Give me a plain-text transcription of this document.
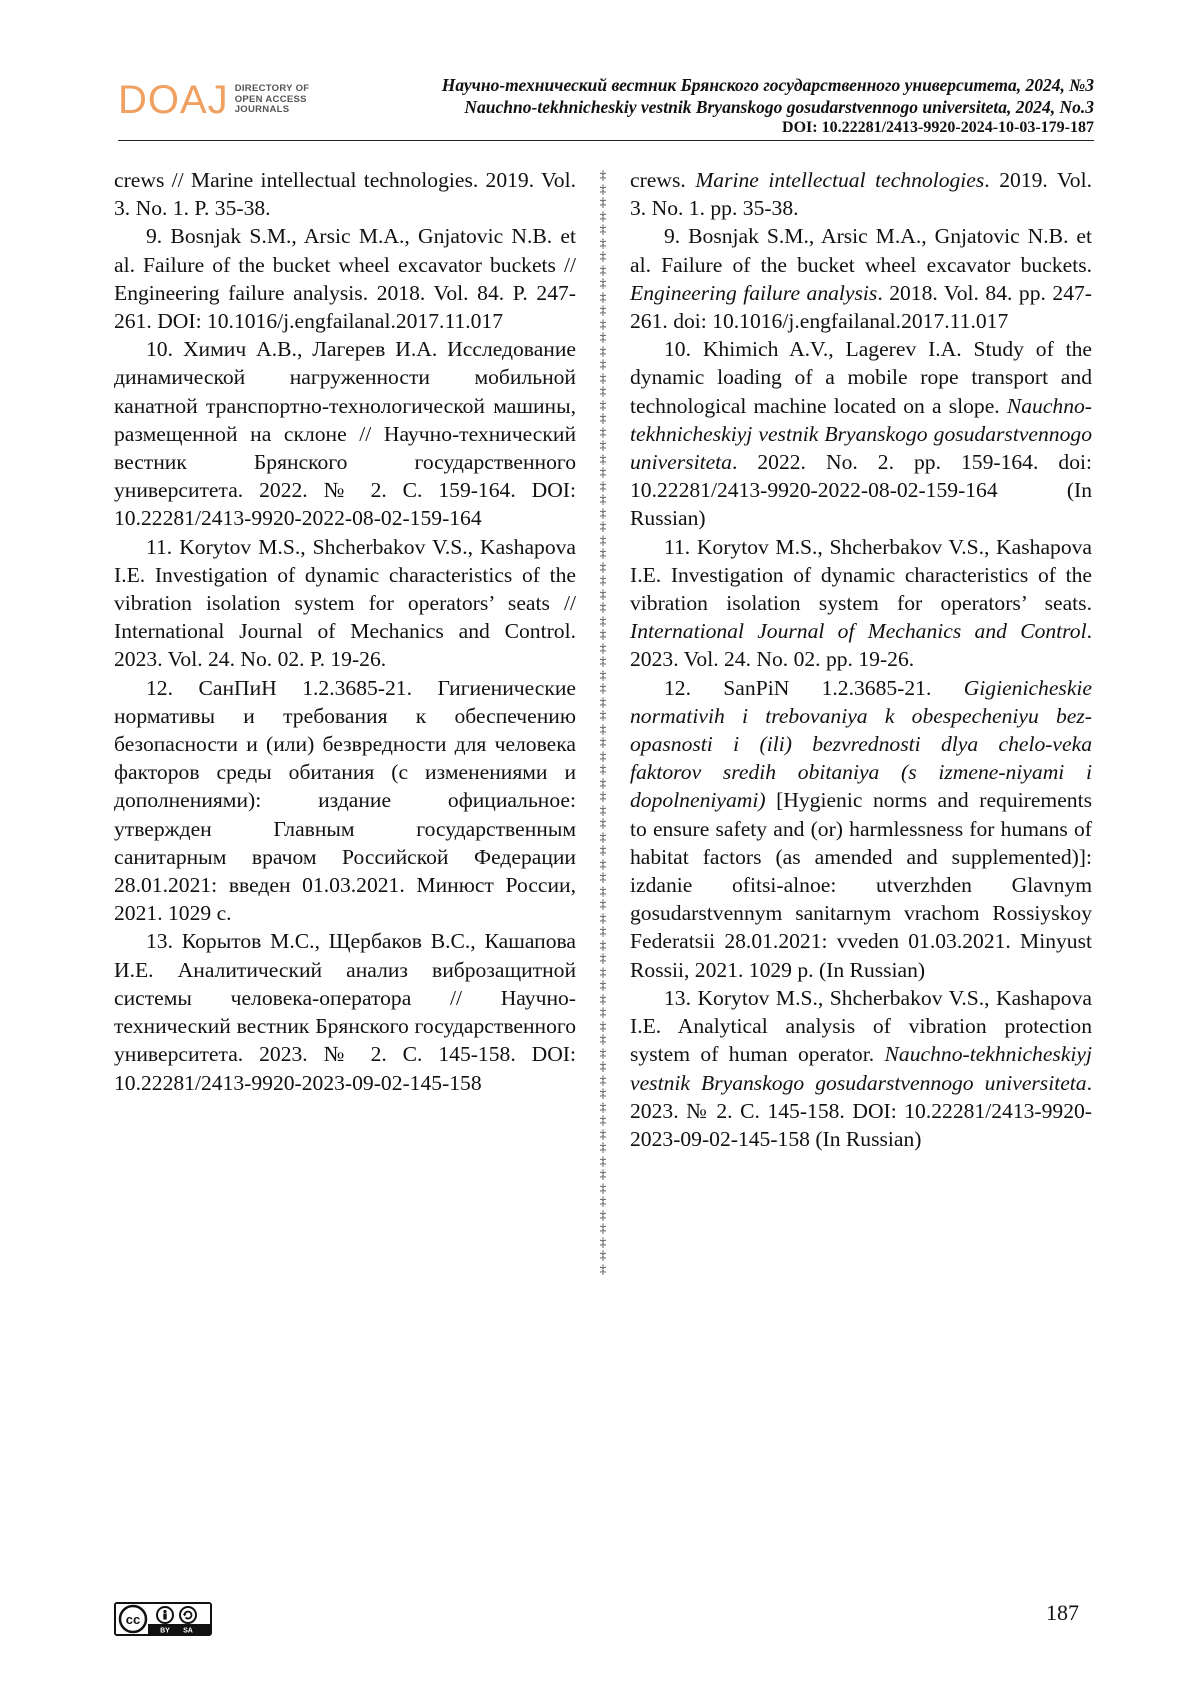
DOAJ DIRECTORY OF
OPEN ACCESS
JOURNALS
Научно-технический вестник Брянского государственного университета, 2024, №3
Nauchno-tekhnicheskiy vestnik Bryanskogo gosudarstvennogo universiteta, 2024, No.3
DOI: 10.22281/2413-9920-2024-10-03-179-187

crews // Marine intellectual technologies. 2019. Vol. 3. No. 1. P. 35-38.

9. Bosnjak S.M., Arsic M.A., Gnjatovic N.B. et al. Failure of the bucket wheel excava­tor buckets // Engineering failure analysis. 2018. Vol. 84. P. 247-261. DOI: 10.1016/j.engfailanal.2017.11.017

10. Химич А.В., Лагерев И.А. Исследо­вание динамической нагруженности мо­бильной канатной транспортно-технологической машины, размещенной на склоне // Научно-технический вестник Брянского государственного университета. 2022. № 2. С. 159-164. DOI: 10.22281/2413-9920-2022-08-02-159-164

11. Korytov M.S., Shcherbakov V.S., Kashapova I.E. Investigation of dynamic char­acteristics of the vibration isolation system for operators’ seats // International Journal of Me­chanics and Control. 2023. Vol. 24. No. 02. P. 19-26.

12. СанПиН 1.2.3685-21. Гигиенические нормативы и требования к обеспечению безопасности и (или) безвредности для че­ловека факторов среды обитания (с измене­ниями и дополнениями): издание офици­альное: утвержден Главным государствен­ным санитарным врачом Российской Феде­рации 28.01.2021: введен 01.03.2021. Мин­юст России, 2021. 1029 с.

13. Корытов М.С., Щербаков В.С., Ка­шапова И.Е. Аналитический анализ вибро­защитной системы человека-оператора // Научно-технический вестник Брянского государственного университета. 2023. № 2. С. 145-158. DOI: 10.22281/2413-9920-2023-09-02-145-158

‡
‡
‡
‡
‡
‡
‡
‡
‡
‡
‡
‡
‡
‡
‡
‡
‡
‡
‡
‡
‡
‡
‡
‡
‡
‡
‡
‡
‡
‡
‡
‡
‡
‡
‡
‡
‡
‡
‡
‡
‡
‡
‡
‡
‡
‡
‡
‡
‡
‡
‡
‡
‡
‡
‡
‡
‡
‡
‡
‡
‡
‡
‡
‡
‡
‡
‡
‡
‡
‡
‡
‡
‡
‡
‡
‡
‡
‡
‡
‡
‡
‡

crews. Marine intellectual technologies. 2019. Vol. 3. No. 1. pp. 35-38.

9. Bosnjak S.M., Arsic M.A., Gnjatovic N.B. et al. Failure of the bucket wheel excava­tor buckets. Engineering failure analysis. 2018. Vol. 84. pp. 247-261. doi: 10.1016/j.engfailanal.2017.11.017

10. Khimich A.V., Lagerev I.A. Study of the dynamic loading of a mobile rope transport and technological machine located on a slope. Nauchno-tekhnicheskiyj vestnik Bryanskogo gosudarstvennogo universiteta. 2022. No. 2. pp. 159-164. doi: 10.22281/2413-9920-2022-08-02-159-164 (In Russian)

11. Korytov M.S., Shcherbakov V.S., Kashapova I.E. Investigation of dynamic char­acteristics of the vibration isolation system for operators’ seats. International Journal of Me­chanics and Control. 2023. Vol. 24. No. 02. pp. 19-26.

12. SanPiN 1.2.3685-21. Gigienicheskie normativih i trebovaniya k obespecheniyu bez­opasnosti i (ili) bezvrednosti dlya chelo-veka faktorov sredih obitaniya (s izmene-niyami i dopolneniyami) [Hygienic norms and require­ments to ensure safety and (or) harmlessness for humans of habitat factors (as amended and supplemented)]: izdanie ofitsi-alnoe: utverzhden Glavnym gosudarstvennym sanitarnym vrachom Rossiyskoy Federatsii 28.01.2021: vveden 01.03.2021. Minyust Rossii, 2021. 1029 p. (In Russian)

13. Korytov M.S., Shcherbakov V.S., Kashapova I.E. Analytical analysis of vibration protection system of human operator. Nauchno-tekhnicheskiyj vestnik Bryanskogo gosudarstvennogo universiteta. 2023. № 2. С. 145-158. DOI: 10.22281/2413-9920-2023-09-02-145-158 (In Russian)

cc
BY SA
187
